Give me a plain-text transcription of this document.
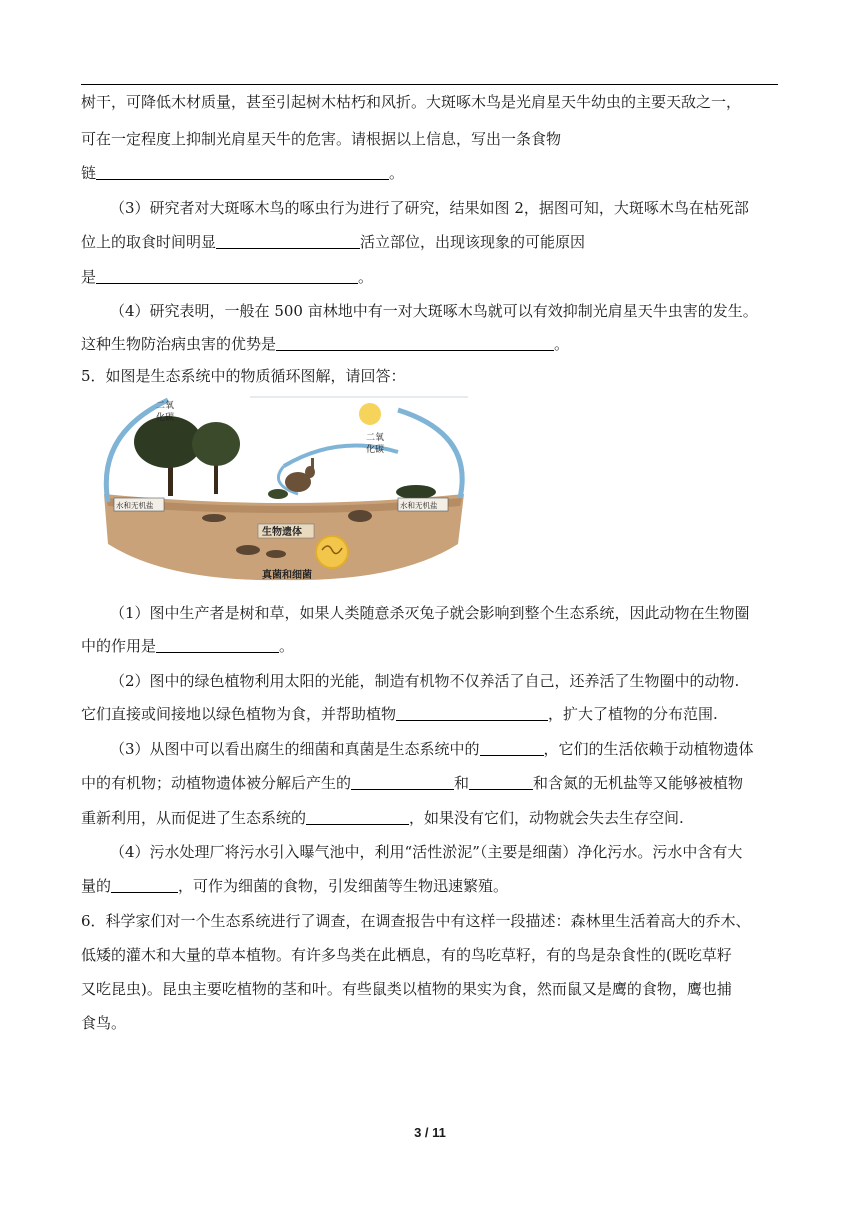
树干，可降低木材质量，甚至引起树木枯朽和风折。大斑啄木鸟是光肩星天牛幼虫的主要天敌之一，
可在一定程度上抑制光肩星天牛的危害。请根据以上信息，写出一条食物
链	。
（3）研究者对大斑啄木鸟的啄虫行为进行了研究，结果如图 2，据图可知，大斑啄木鸟在枯死部
位上的取食时间明显	活立部位，出现该现象的可能原因
是	。
（4）研究表明，一般在 500 亩林地中有一对大斑啄木鸟就可以有效抑制光肩星天牛虫害的发生。
这种生物防治病虫害的优势是	。
5．如图是生态系统中的物质循环图解，请回答：
二氧
化碳
二氧
化碳
水和无机盐	水和无机盐
生物遗体
真菌和细菌
（1）图中生产者是树和草，如果人类随意杀灭兔子就会影响到整个生态系统，因此动物在生物圈
中的作用是	。
（2）图中的绿色植物利用太阳的光能，制造有机物不仅养活了自己，还养活了生物圈中的动物.
它们直接或间接地以绿色植物为食，并帮助植物	，扩大了植物的分布范围.
（3）从图中可以看出腐生的细菌和真菌是生态系统中的	，它们的生活依赖于动植物遗体
中的有机物；动植物遗体被分解后产生的	和	和含氮的无机盐等又能够被植物
重新利用，从而促进了生态系统的	，如果没有它们，动物就会失去生存空间.
（4）污水处理厂将污水引入曝气池中，利用“活性淤泥”（主要是细菌）净化污水。污水中含有大
量的	，可作为细菌的食物，引发细菌等生物迅速繁殖。
6．科学家们对一个生态系统进行了调查，在调查报告中有这样一段描述：森林里生活着高大的乔木、
低矮的灌木和大量的草本植物。有许多鸟类在此栖息，有的鸟吃草籽，有的鸟是杂食性的(既吃草籽
又吃昆虫)。昆虫主要吃植物的茎和叶。有些鼠类以植物的果实为食，然而鼠又是鹰的食物，鹰也捕
食鸟。
3 / 11
